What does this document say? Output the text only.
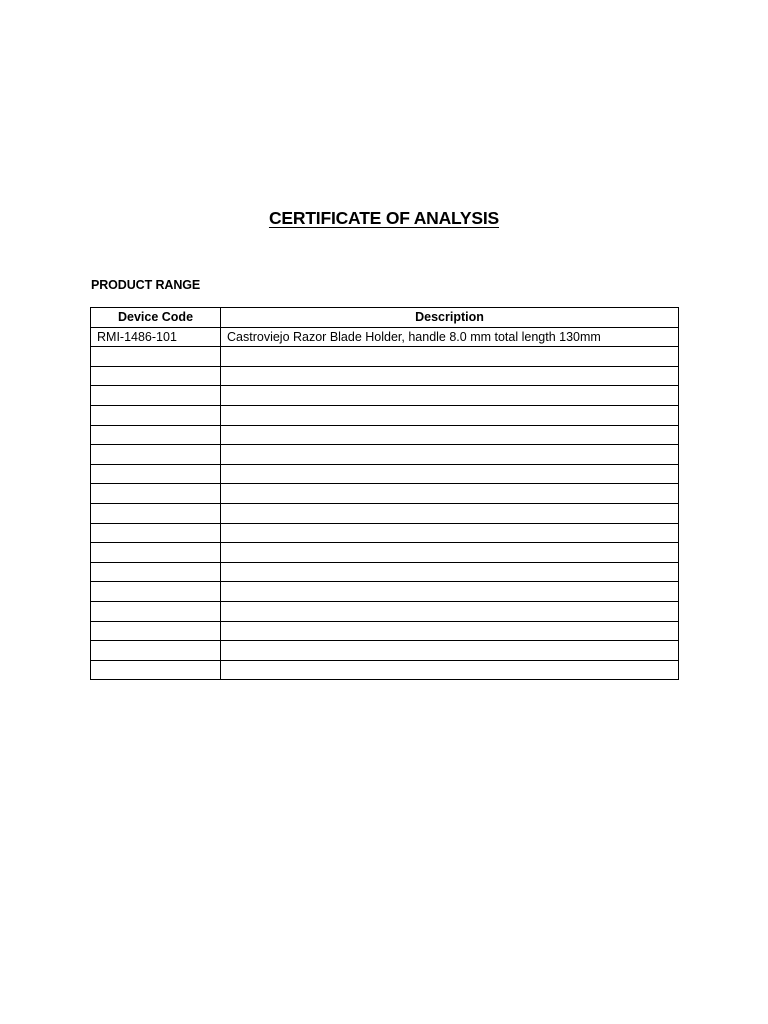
CERTIFICATE OF ANALYSIS
PRODUCT RANGE
Device Code	Description
RMI-1486-101	Castroviejo Razor Blade Holder, handle 8.0 mm total length 130mm
